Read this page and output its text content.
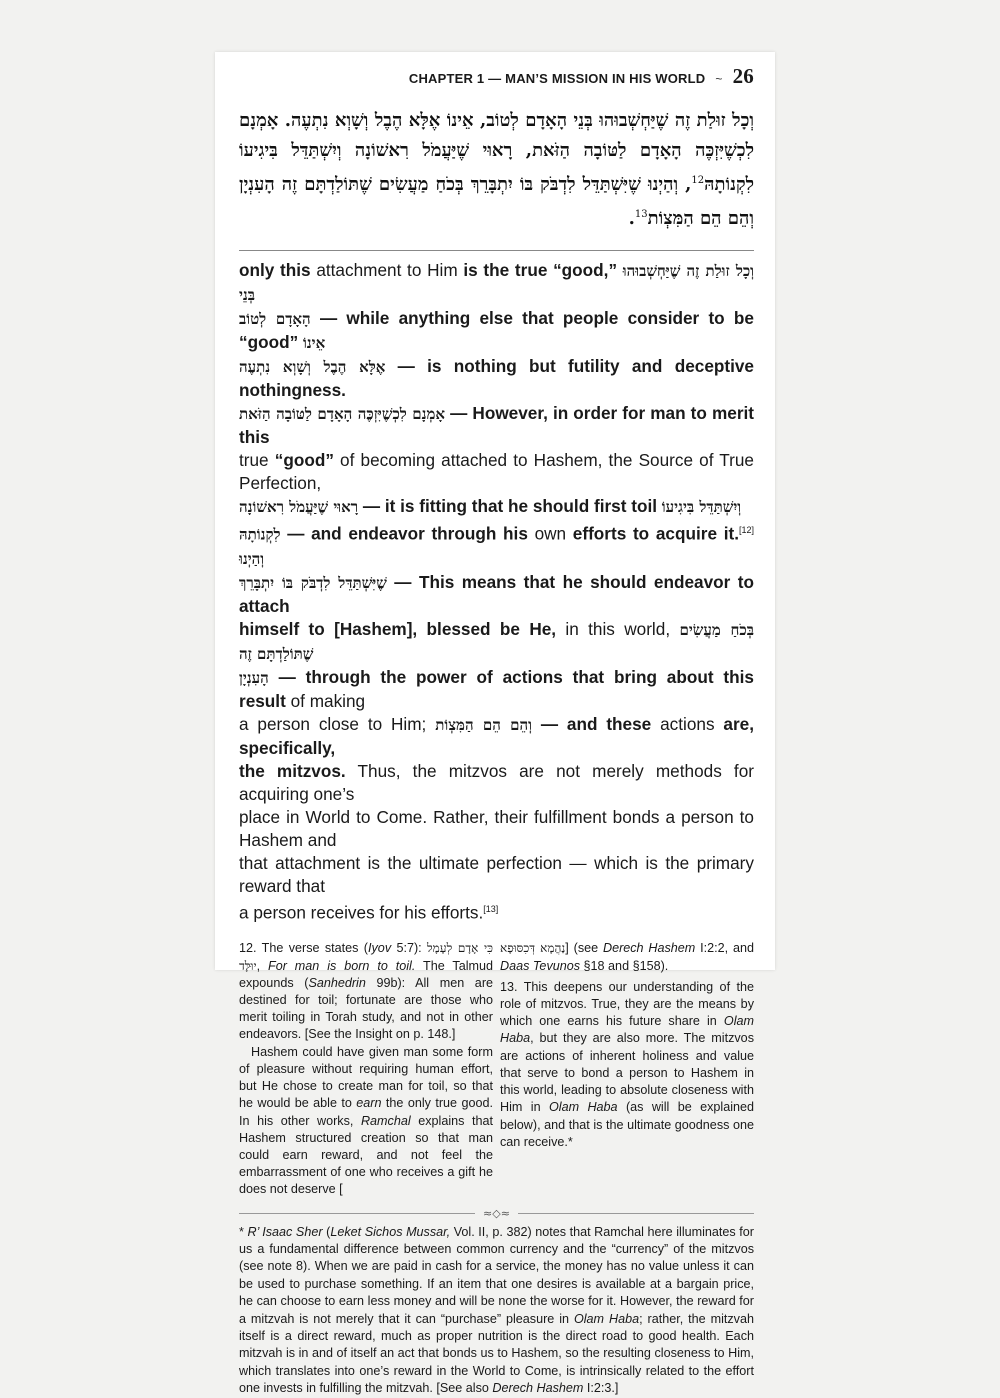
CHAPTER 1 — MAN’S MISSION IN HIS WORLD ~ 26
וְכָל זוּלַת זֶה שֶׁיַּחְשְׁבוּהוּ בְּנֵי הָאָדָם לְטוֹב, אֵינוֹ אֶלָּא הֶבֶל וְשָׁוְא נִתְעֶה. אָמְנָם לִכְשֶׁיִּזְכֶּה הָאָדָם לַטּוֹבָה הַזֹּאת, רָאוּי שֶׁיַּעֲמֹל רִאשׁוֹנָה וְיִשְׁתַּדֵּל בִּיגִיעוֹ לִקְנוֹתָהּ$^{12}$, וְהַיְנוּ שֶׁיִּשְׁתַּדֵּל לִדְבֹּק בּוֹ יִתְבָּרֵךְ בְּכֹחַ מַעֲשִׂים שֶׁתּוֹלַדְתָּם זֶה הָעִנְיָן וְהֵם הֵם הַמִּצְוֹת$^{13}$.
only this attachment to Him is the true “good,” וְכָל זוּלַת זֶה שֶׁיַּחְשְׁבוּהוּ בְּנֵי
הָאָדָם לְטוֹב — while anything else that people consider to be “good” אֵינוֹ
אֶלָּא הֶבֶל וְשָׁוְא נִתְעֶה — is nothing but futility and deceptive nothingness.
אָמְנָם לִכְשֶׁיִּזְכֶּה הָאָדָם לַטּוֹבָה הַזֹּאת — However, in order for man to merit this
true “good” of becoming attached to Hashem, the Source of True Perfection,
רָאוּי שֶׁיַּעֲמֹל רִאשׁוֹנָה — it is fitting that he should first toil וְיִשְׁתַּדֵּל בִּיגִיעוֹ
לִקְנוֹתָהּ — and endeavor through his own efforts to acquire it.[12] וְהַיְנוּ
שֶׁיִּשְׁתַּדֵּל לִדְבֹּק בּוֹ יִתְבָּרֵךְ — This means that he should endeavor to attach
himself to [Hashem], blessed be He, in this world, בְּכֹחַ מַעֲשִׂים שֶׁתּוֹלַדְתָּם זֶה
הָעִנְיָן — through the power of actions that bring about this result of making
a person close to Him; וְהֵם הֵם הַמִּצְוֹת — and these actions are, specifically,
the mitzvos. Thus, the mitzvos are not merely methods for acquiring one’s
place in World to Come. Rather, their fulfillment bonds a person to Hashem and
that attachment is the ultimate perfection — which is the primary reward that
a person receives for his efforts.[13]

12. The verse states (Iyov 5:7): כִּי אָדָם לְעָמָל יוּלָּד, For man is born to toil. The Talmud expounds (Sanhedrin 99b): All men are destined for toil; fortunate are those who merit toiling in Torah study, and not in other endeavors. [See the Insight on p. 148.]

Hashem could have given man some form of pleasure without requiring human effort, but He chose to create man for toil, so that he would be able to earn the only true good. In his other works, Ramchal explains that Hashem structured creation so that man could earn reward, and not feel the embarrassment of one who receives a gift he does not deserve [

נַהֲמָא דְּכִסּוּפָא] (see Derech Hashem I:2:2, and Daas Tevunos §18 and §158).

13. This deepens our understanding of the role of mitzvos. True, they are the means by which one earns his future share in Olam Haba, but they are also more. The mitzvos are actions of inherent holiness and value that serve to bond a person to Hashem in this world, leading to absolute closeness with Him in Olam Haba (as will be explained below), and that is the ultimate goodness one can receive.*

≈◇≈
* R’ Isaac Sher (Leket Sichos Mussar, Vol. II, p. 382) notes that Ramchal here illuminates for us a fundamental difference between common currency and the “currency” of the mitzvos (see note 8). When we are paid in cash for a service, the money has no value unless it can be used to purchase something. If an item that one desires is available at a bargain price, he can choose to earn less money and will be none the worse for it. However, the reward for a mitzvah is not merely that it can “purchase” pleasure in Olam Haba; rather, the mitzvah itself is a direct reward, much as proper nutrition is the direct road to good health. Each mitzvah is in and of itself an act that bonds us to Hashem, so the resulting closeness to Him, which translates into one’s reward in the World to Come, is intrinsically related to the effort one invests in fulfilling the mitzvah. [See also Derech Hashem I:2:3.]
